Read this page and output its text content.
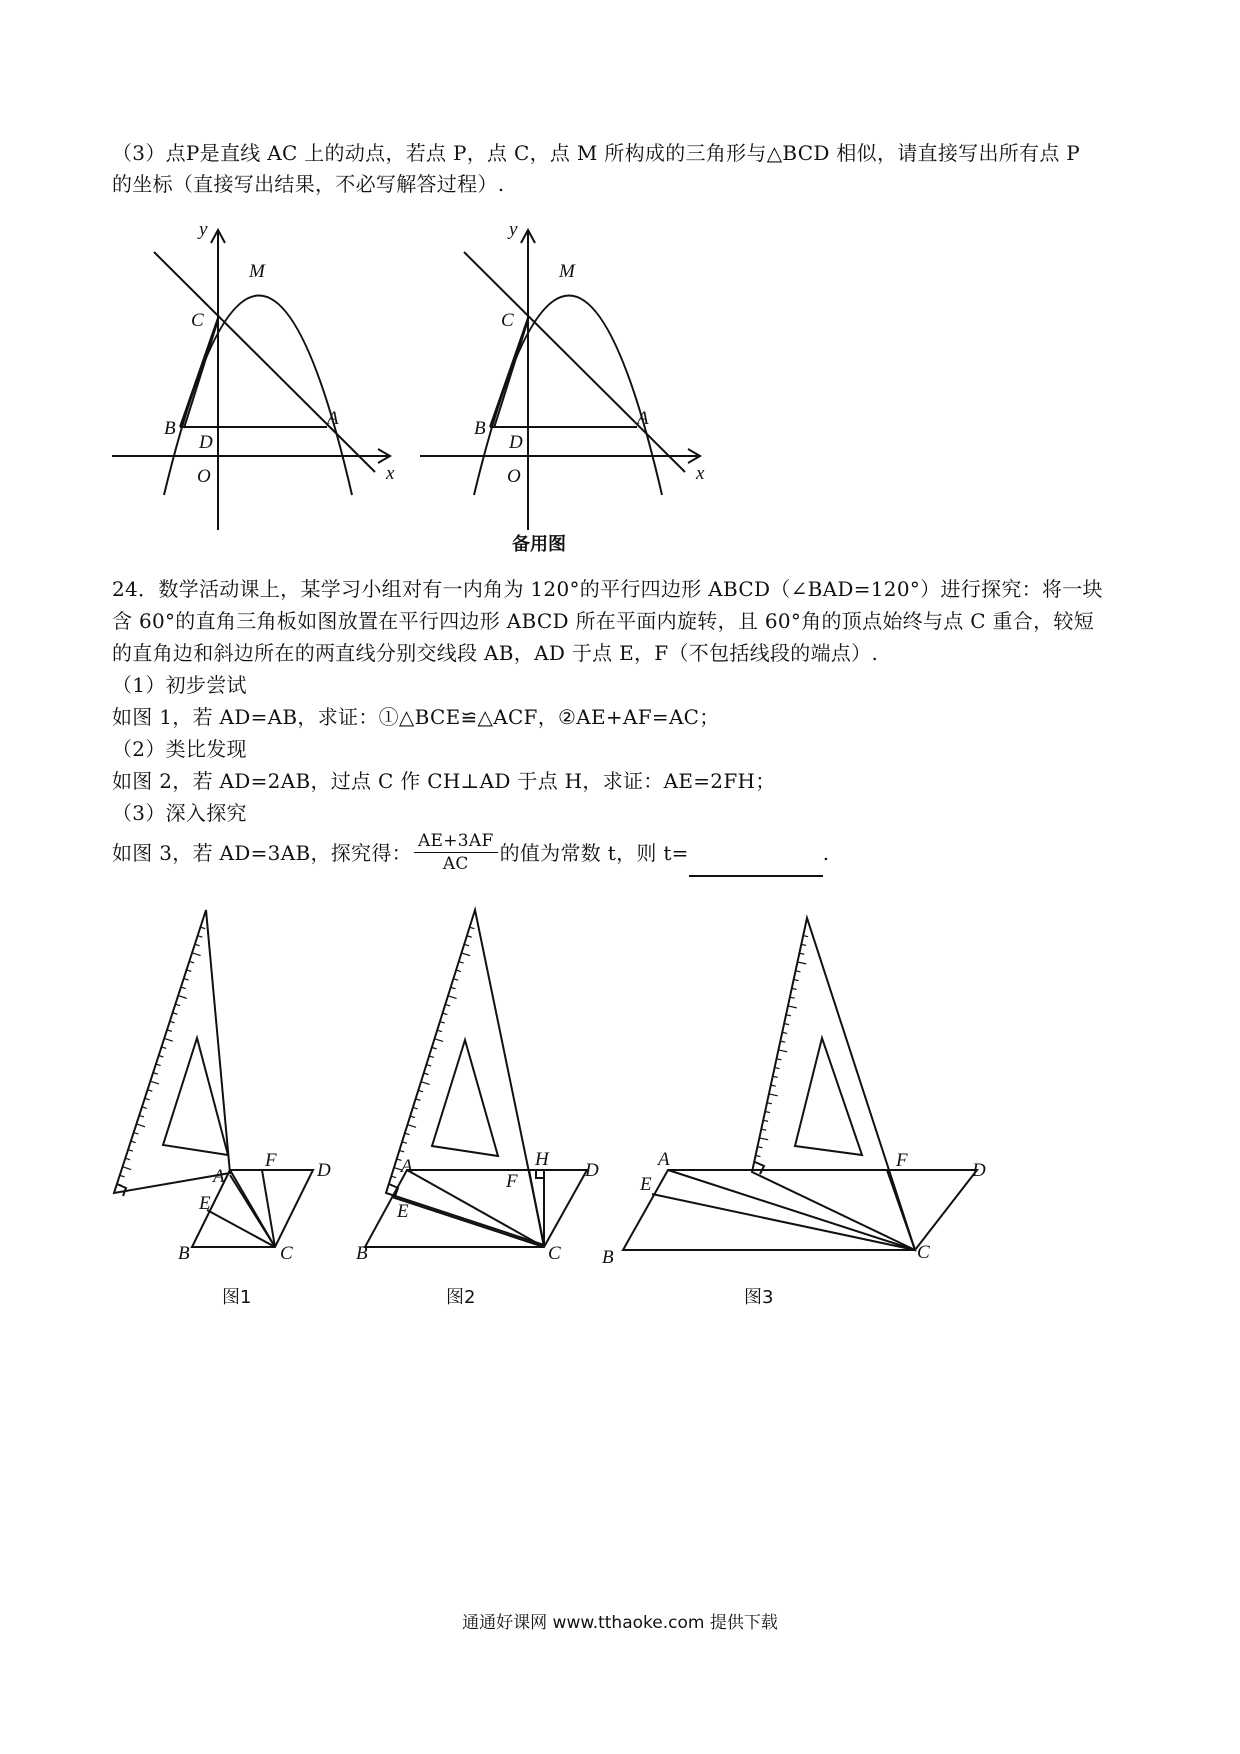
（3）点P是直线 AC 上的动点，若点 P，点 C，点 M 所构成的三角形与△BCD 相似，请直接写出所有点 P
的坐标（直接写出结果，不必写解答过程）.
y
M
C
B
D
A
O	x
y
M
C
B
D
A
O	x
备用图
A
F D
E
B	C
图1
A	H
D
F
E
B	C
图2
A	F	D
E
B	C
图3
24．数学活动课上，某学习小组对有一内角为 120°的平行四边形 ABCD（∠BAD=120°）进行探究：将一块
含 60°的直角三角板如图放置在平行四边形 ABCD 所在平面内旋转，且 60°角的顶点始终与点 C 重合，较短
的直角边和斜边所在的两直线分别交线段 AB，AD 于点 E，F（不包括线段的端点）.
（1）初步尝试
如图 1，若 AD=AB，求证：①△BCE≌△ACF，②AE+AF=AC；
（2）类比发现
如图 2，若 AD=2AB，过点 C 作 CH⊥AD 于点 H，求证：AE=2FH；
（3）深入探究
如图 3，若 AD=3AB，探究得： $\frac{AE+3AF}{AC}$ 的值为常数 t，则 t=	.
通通好课网 www.tthaoke.com 提供下载
